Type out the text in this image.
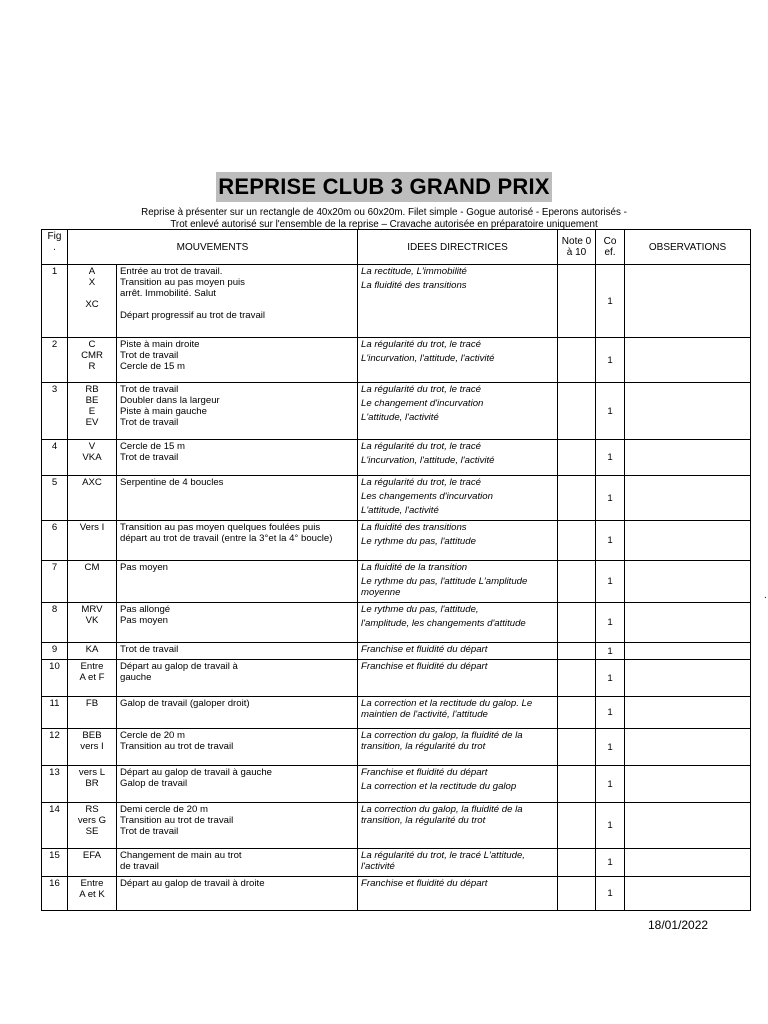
REPRISE CLUB 3 GRAND PRIX
Reprise à présenter sur un rectangle de 40x20m ou 60x20m. Filet simple - Gogue autorisé - Eperons autorisés -
Trot enlevé autorisé sur l'ensemble de la reprise – Cravache autorisée en préparatoire uniquement
Fig .	MOUVEMENTS		IDEES DIRECTRICES	Note 0 à 10	Co ef.	OBSERVATIONS
1	A
X

XC	Entrée au trot de travail.
Transition au pas moyen puis
arrêt. Immobilité. Salut
Départ progressif au trot de travail	La rectitude, L'immobilité
La fluidité des transitions		1	
2	C
CMR
R	Piste à main droite
Trot de travail
Cercle de 15 m	La régularité du trot, le tracé
L'incurvation, l'attitude, l'activité		1	
3	RB
BE
E
EV	Trot de travail
Doubler dans la largeur
Piste à main gauche
Trot de travail	La régularité du trot, le tracé
Le changement d'incurvation
L'attitude, l'activité		1	
4	V
VKA	Cercle de 15 m
Trot de travail	La régularité du trot, le tracé
L'incurvation, l'attitude, l'activité		1	
5	AXC	Serpentine de 4 boucles	La régularité du trot, le tracé
Les changements d'incurvation
L'attitude, l'activité		1	
6	Vers I	Transition au pas moyen quelques foulées puis
départ au trot de travail (entre la 3°et la 4° boucle)	La fluidité des transitions
Le rythme du pas, l'attitude		1	
7	CM	Pas moyen	La fluidité de la transition
Le rythme du pas, l'attitude L'amplitude moyenne		1	
8	MRV
VK	Pas allongé
Pas moyen	Le rythme du pas, l'attitude,
l'amplitude, les changements d'attitude		1	
9	KA	Trot de travail	Franchise et fluidité du départ		1	
10	Entre
A et F	Départ au galop de travail à
gauche	Franchise et fluidité du départ		1	
11	FB	Galop de travail (galoper droit)	La correction et la rectitude du galop. Le maintien de l'activité, l'attitude		1	
12	BEB
vers I	Cercle de 20 m
Transition au trot de travail	La correction du galop, la fluidité de la transition, la régularité du trot		1	
13	vers L
BR	Départ au galop de travail à gauche
Galop de travail	Franchise et fluidité du départ
La correction et la rectitude du galop		1	
14	RS
vers G
SE	Demi cercle de 20 m
Transition au trot de travail
Trot de travail	La correction du galop, la fluidité de la transition, la régularité du trot		1	
15	EFA	Changement de main au trot
de travail	La régularité du trot, le tracé L'attitude, l'activité		1	
16	Entre
A et K	Départ au galop de travail à droite	Franchise et fluidité du départ		1	
18/01/2022
.
